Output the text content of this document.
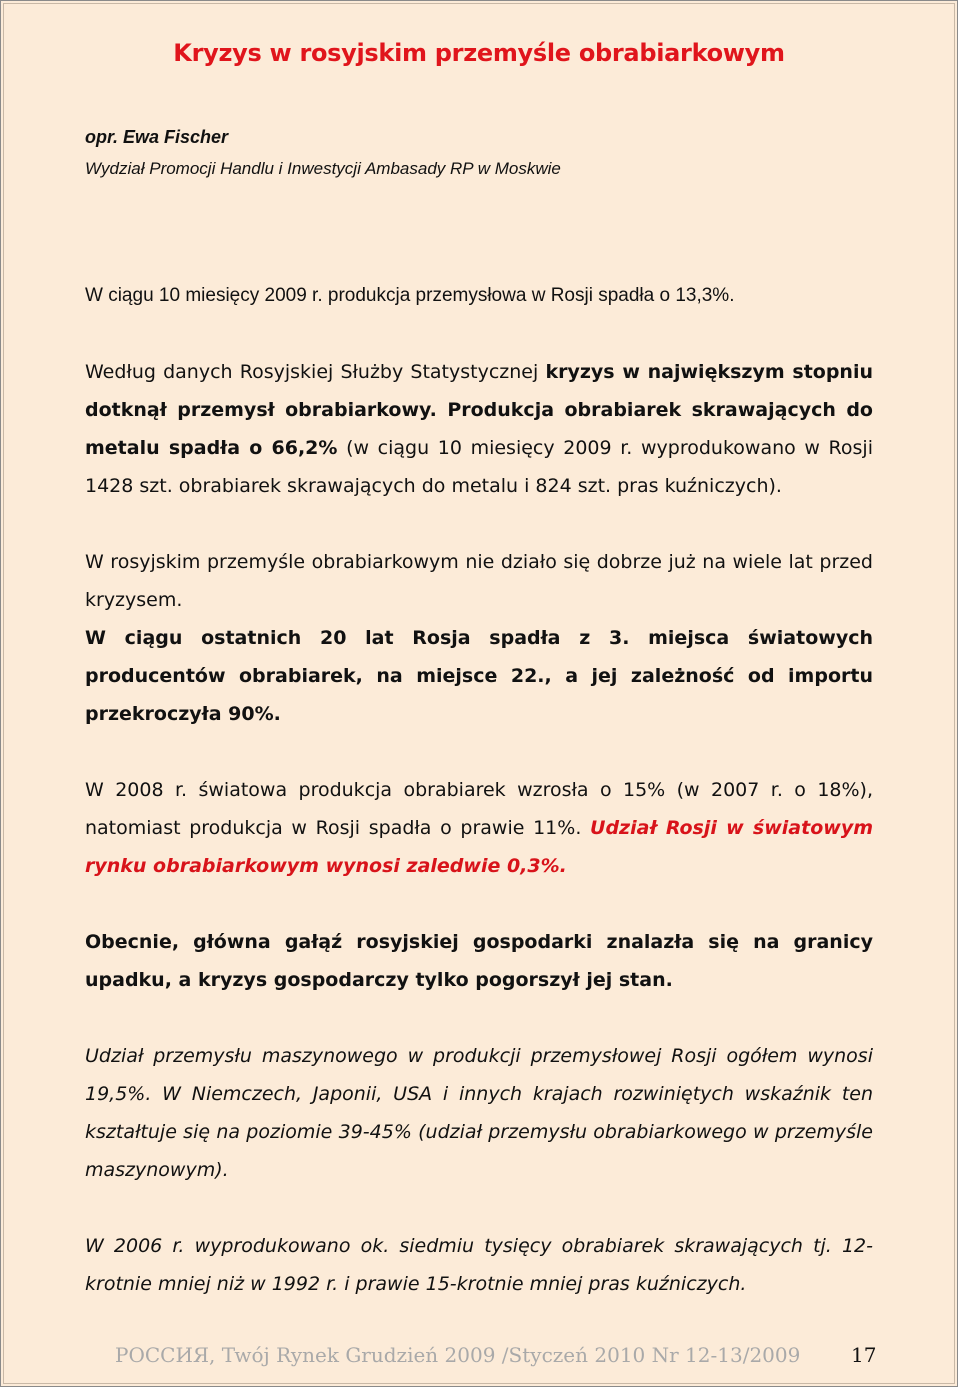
Kryzys w rosyjskim przemyśle obrabiarkowym
opr. Ewa Fischer
Wydział Promocji Handlu i Inwestycji Ambasady RP w Moskwie

W ciągu 10 miesięcy 2009 r. produkcja przemysłowa w Rosji spadła o 13,3%.

Według danych Rosyjskiej Służby Statystycznej kryzys w największym stopniu dotknął przemysł obrabiarkowy. Produkcja obrabiarek skrawających do metalu spadła o 66,2% (w ciągu 10 miesięcy 2009 r. wyprodukowano w Rosji 1428 szt. obrabiarek skrawających do metalu i 824 szt. pras kuźniczych).

W rosyjskim przemyśle obrabiarkowym nie działo się dobrze już na wiele lat przed kryzysem.

W ciągu ostatnich 20 lat Rosja spadła z 3. miejsca światowych producentów obrabiarek, na miejsce 22., a jej zależność od importu przekroczyła 90%.

W 2008 r. światowa produkcja obrabiarek wzrosła o 15% (w 2007 r. o 18%), natomiast produkcja w Rosji spadła o prawie 11%. Udział Rosji w światowym rynku obrabiarkowym wynosi zaledwie 0,3%.

Obecnie, główna gałąź rosyjskiej gospodarki znalazła się na granicy upadku, a kryzys gospodarczy tylko pogorszył jej stan.

Udział przemysłu maszynowego w produkcji przemysłowej Rosji ogółem wynosi 19,5%. W Niemczech, Japonii, USA i innych krajach rozwiniętych wskaźnik ten kształtuje się na poziomie 39-45% (udział przemysłu obrabiarkowego w przemyśle maszynowym).

W 2006 r. wyprodukowano ok. siedmiu tysięcy obrabiarek skrawających tj. 12-krotnie mniej niż w 1992 r. i prawie 15-krotnie mniej pras kuźniczych.

РОССИЯ, Twój Rynek Grudzień 2009 /Styczeń 2010 Nr 12-13/2009	17
